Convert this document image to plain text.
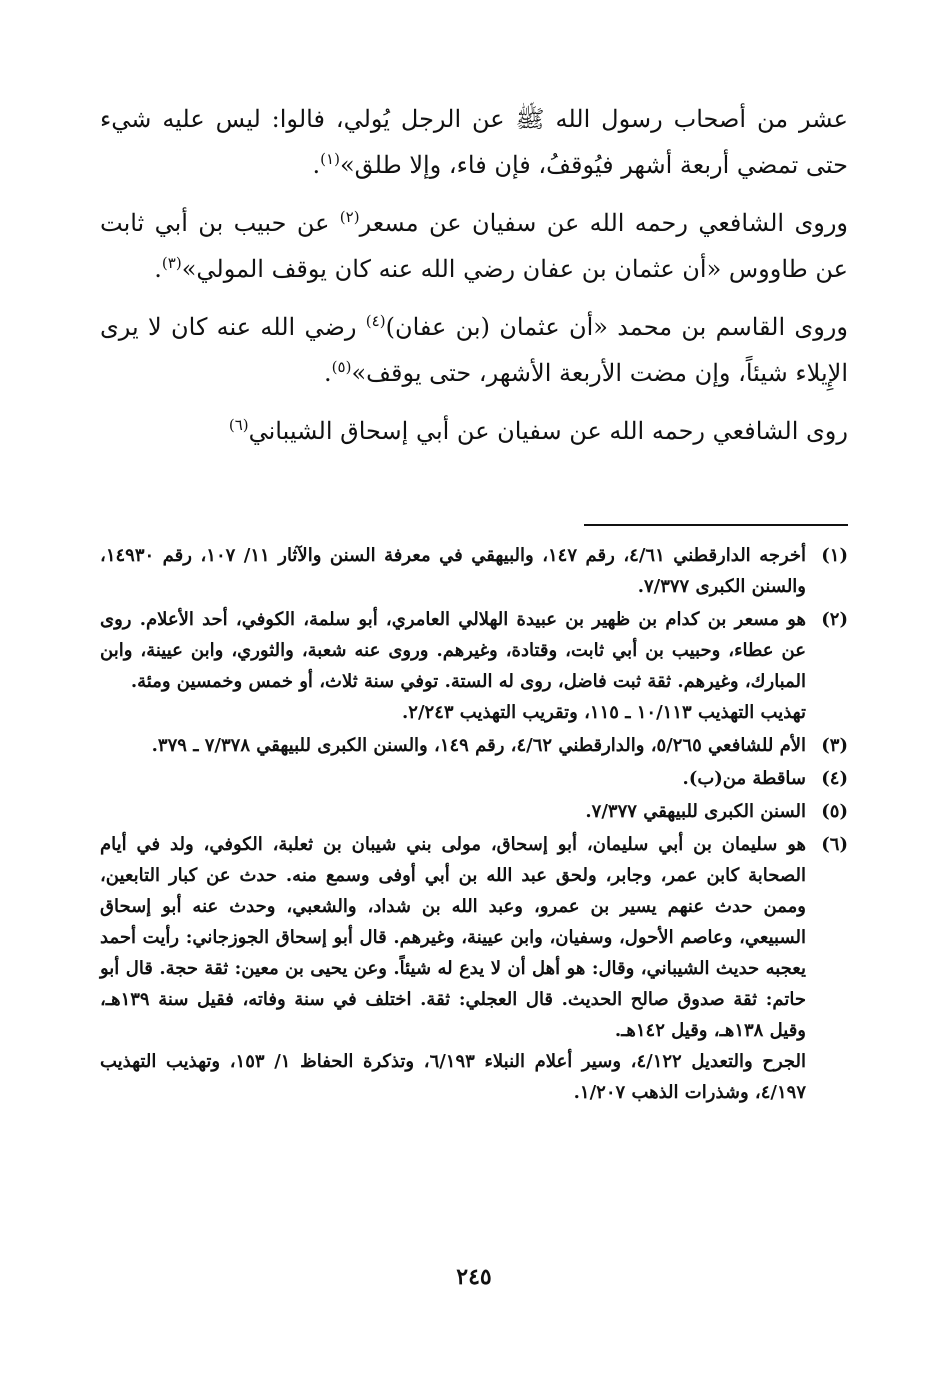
عشر من أصحاب رسول الله ﷺ عن الرجل يُولي، فالوا: ليس عليه شيء حتى تمضي أربعة أشهر فيُوقفُ، فإن فاء، وإلا طلق»$^{(١)}$.

وروى الشافعي رحمه الله عن سفيان عن مسعر$^{(٢)}$ عن حبيب بن أبي ثابت عن طاووس «أن عثمان بن عفان رضي الله عنه كان يوقف المولي»$^{(٣)}$.

وروى القاسم بن محمد «أن عثمان (بن عفان)$^{(٤)}$ رضي الله عنه كان لا يرى الإِيلاء شيئاً، وإن مضت الأربعة الأشهر، حتى يوقف»$^{(٥)}$.

روى الشافعي رحمه الله عن سفيان عن أبي إسحاق الشيباني$^{(٦)}$

(١)

أخرجه الدارقطني ٤/٦١، رقم ١٤٧، والبيهقي في معرفة السنن والآثار ١١/ ١٠٧، رقم ١٤٩٣٠، والسنن الكبرى ٧/٣٧٧.

(٢)

هو مسعر بن كدام بن ظهير بن عبيدة الهلالي العامري، أبو سلمة، الكوفي، أحد الأعلام. روى عن عطاء، وحبيب بن أبي ثابت، وقتادة، وغيرهم. وروى عنه شعبة، والثوري، وابن عيينة، وابن المبارك، وغيرهم. ثقة ثبت فاضل، روى له الستة. توفي سنة ثلاث، أو خمس وخمسين ومئة.

تهذيب التهذيب ١٠/١١٣ ـ ١١٥، وتقريب التهذيب ٢/٢٤٣.

(٣)

الأم للشافعي ٥/٢٦٥، والدارقطني ٤/٦٢، رقم ١٤٩، والسنن الكبرى للبيهقي ٧/٣٧٨ ـ ٣٧٩.

(٤)

ساقطة من(ب).

(٥)

السنن الكبرى للبيهقي ٧/٣٧٧.

(٦)

هو سليمان بن أبي سليمان، أبو إسحاق، مولى بني شيبان بن ثعلبة، الكوفي، ولد في أيام الصحابة كابن عمر، وجابر، ولحق عبد الله بن أبي أوفى وسمع منه. حدث عن كبار التابعين، وممن حدث عنهم يسير بن عمرو، وعبد الله بن شداد، والشعبي، وحدث عنه أبو إسحاق السبيعي، وعاصم الأحول، وسفيان، وابن عيينة، وغيرهم. قال أبو إسحاق الجوزجاني: رأيت أحمد يعجبه حديث الشيباني، وقال: هو أهل أن لا يدع له شيئاً. وعن يحيى بن معين: ثقة حجة. قال أبو حاتم: ثقة صدوق صالح الحديث. قال العجلي: ثقة. اختلف في سنة وفاته، فقيل سنة ١٣٩هـ، وقيل ١٣٨هـ، وقيل ١٤٢هـ.

الجرح والتعديل ٤/١٢٢، وسير أعلام النبلاء ٦/١٩٣، وتذكرة الحفاظ ١/ ١٥٣، وتهذيب التهذيب ٤/١٩٧، وشذرات الذهب ١/٢٠٧.

٢٤٥
